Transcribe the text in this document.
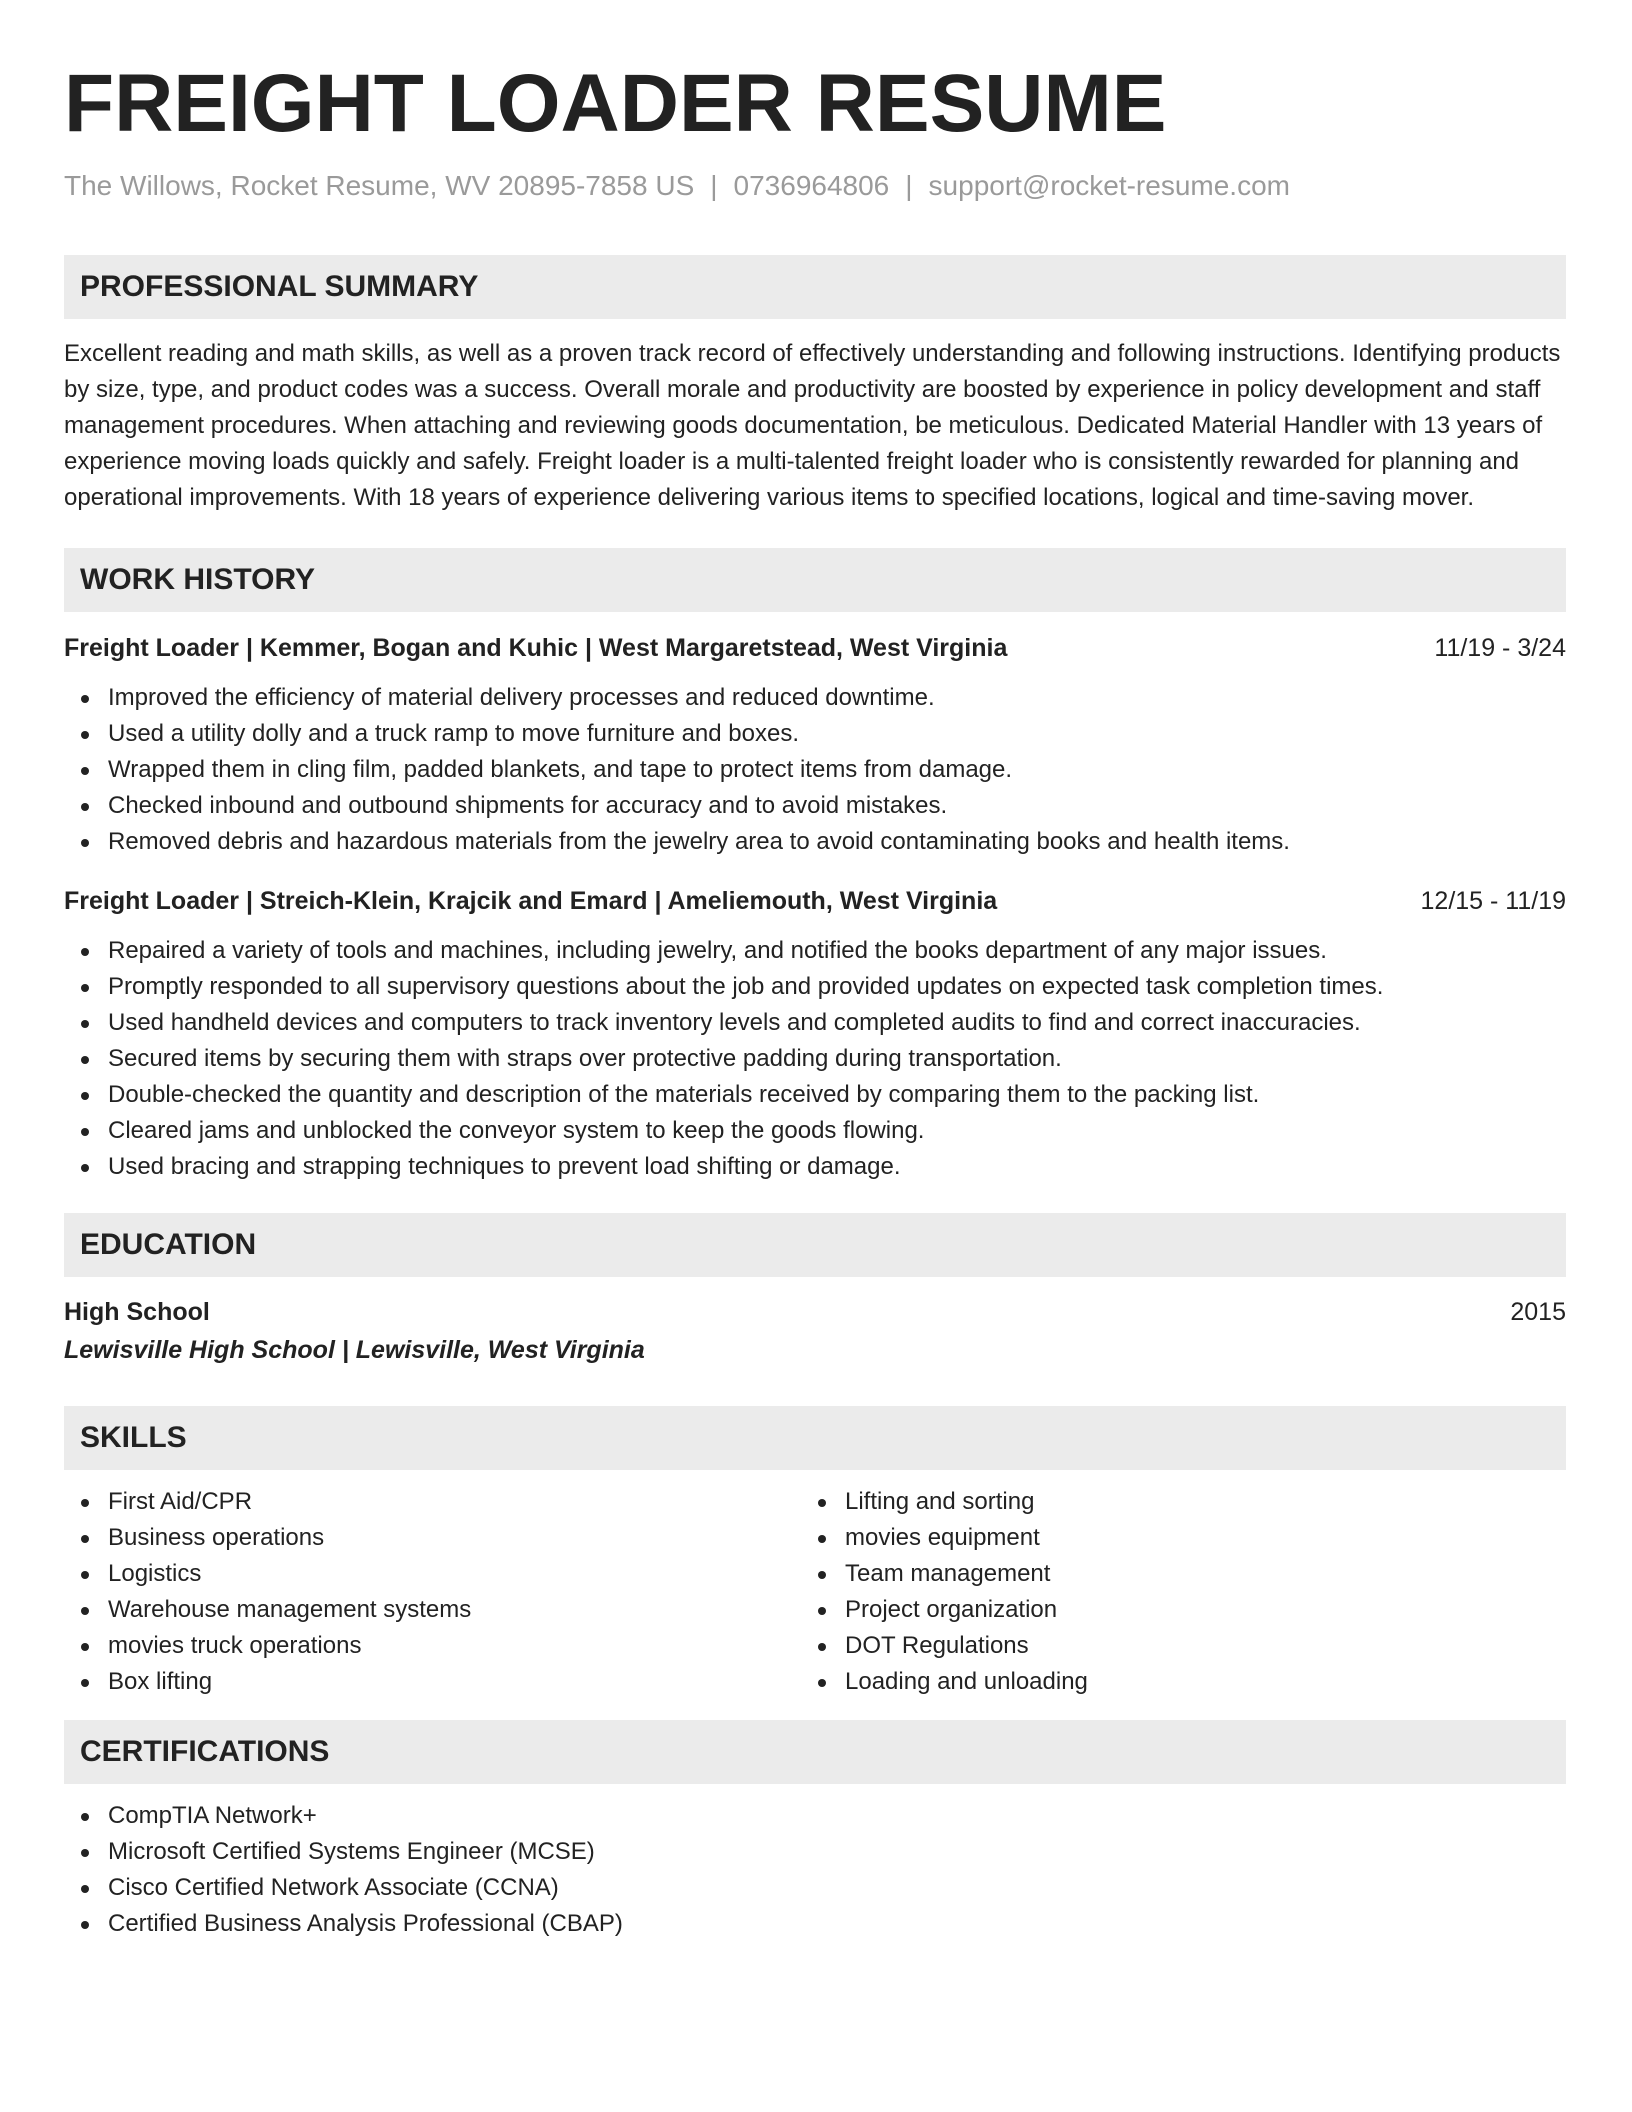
FREIGHT LOADER RESUME
The Willows, Rocket Resume, WV 20895-7858 US | 0736964806 | support@rocket-resume.com
PROFESSIONAL SUMMARY

Excellent reading and math skills, as well as a proven track record of effectively understanding and following instructions. Identifying products by size, type, and product codes was a success. Overall morale and productivity are boosted by experience in policy development and staff management procedures. When attaching and reviewing goods documentation, be meticulous. Dedicated Material Handler with 13 years of experience moving loads quickly and safely. Freight loader is a multi-talented freight loader who is consistently rewarded for planning and operational improvements. With 18 years of experience delivering various items to specified locations, logical and time-saving mover.

WORK HISTORY
Freight Loader | Kemmer, Bogan and Kuhic | West Margaretstead, West Virginia	11/19 - 3/24
Improved the efficiency of material delivery processes and reduced downtime.
Used a utility dolly and a truck ramp to move furniture and boxes.
Wrapped them in cling film, padded blankets, and tape to protect items from damage.
Checked inbound and outbound shipments for accuracy and to avoid mistakes.
Removed debris and hazardous materials from the jewelry area to avoid contaminating books and health items.
Freight Loader | Streich-Klein, Krajcik and Emard | Ameliemouth, West Virginia	12/15 - 11/19
Repaired a variety of tools and machines, including jewelry, and notified the books department of any major issues.
Promptly responded to all supervisory questions about the job and provided updates on expected task completion times.
Used handheld devices and computers to track inventory levels and completed audits to find and correct inaccuracies.
Secured items by securing them with straps over protective padding during transportation.
Double-checked the quantity and description of the materials received by comparing them to the packing list.
Cleared jams and unblocked the conveyor system to keep the goods flowing.
Used bracing and strapping techniques to prevent load shifting or damage.
EDUCATION
High School	2015
Lewisville High School | Lewisville, West Virginia
SKILLS
First Aid/CPR
Business operations
Logistics
Warehouse management systems
movies truck operations
Box lifting
Lifting and sorting
movies equipment
Team management
Project organization
DOT Regulations
Loading and unloading
CERTIFICATIONS
CompTIA Network+
Microsoft Certified Systems Engineer (MCSE)
Cisco Certified Network Associate (CCNA)
Certified Business Analysis Professional (CBAP)
